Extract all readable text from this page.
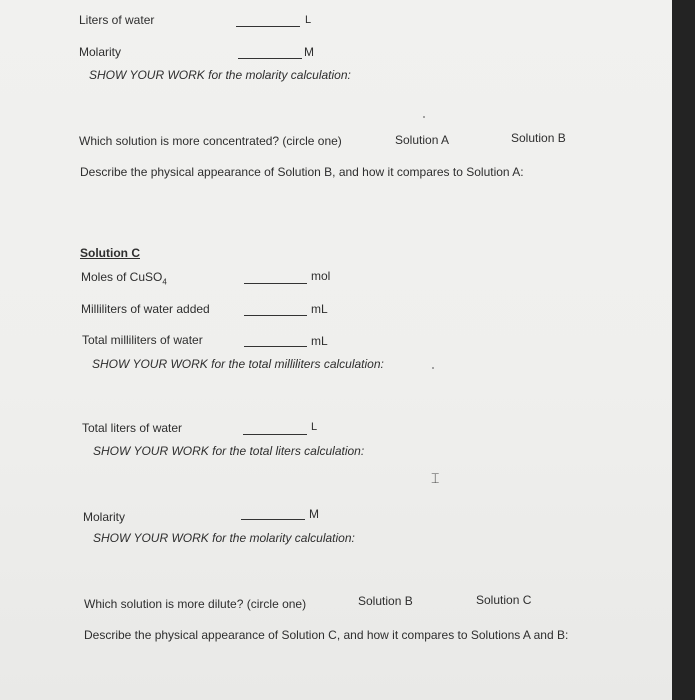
Liters of water	L
Molarity	M
SHOW YOUR WORK for the molarity calculation:
Which solution is more concentrated? (circle one)	Solution A	Solution B
Describe the physical appearance of Solution B, and how it compares to Solution A:
Solution C
Moles of CuSO$_4$	mol
Milliliters of water added	mL
Total milliliters of water	mL
SHOW YOUR WORK for the total milliliters calculation:
Total liters of water	L
SHOW YOUR WORK for the total liters calculation:
⌶
Molarity	M
SHOW YOUR WORK for the molarity calculation:
Which solution is more dilute? (circle one)	Solution B	Solution C
Describe the physical appearance of Solution C, and how it compares to Solutions A and B:
